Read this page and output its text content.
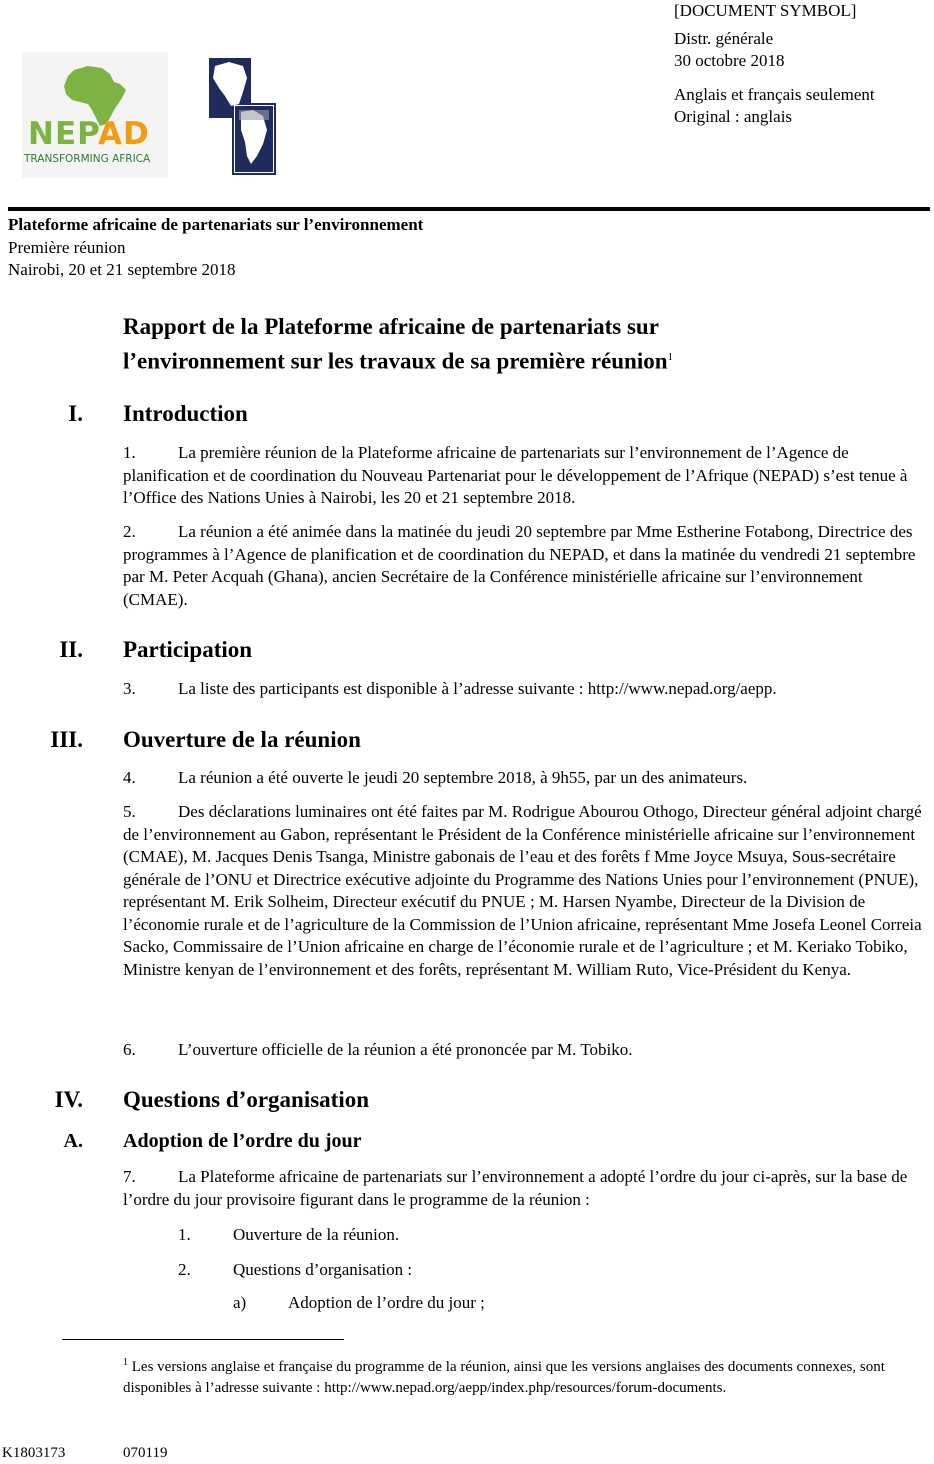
[DOCUMENT SYMBOL]
Distr. générale
30 octobre 2018
Anglais et français seulement
Original : anglais
NEPAD
TRANSFORMING AFRICA
Plateforme africaine de partenariats sur l’environnement
Première réunion
Nairobi, 20 et 21 septembre 2018
Rapport de la Plateforme africaine de partenariats sur
l’environnement sur les travaux de sa première réunion$^1$
I. Introduction
1. La première réunion de la Plateforme africaine de partenariats sur l’environnement de l’Agence de planification et de coordination du Nouveau Partenariat pour le développement de l’Afrique (NEPAD) s’est tenue à l’Office des Nations Unies à Nairobi, les 20 et 21 septembre 2018.
2. La réunion a été animée dans la matinée du jeudi 20 septembre par Mme Estherine Fotabong, Directrice des programmes à l’Agence de planification et de coordination du NEPAD, et dans la matinée du vendredi 21 septembre par M. Peter Acquah (Ghana), ancien Secrétaire de la Conférence ministérielle africaine sur l’environnement (CMAE).
II. Participation
3. La liste des participants est disponible à l’adresse suivante : http://www.nepad.org/aepp.
III. Ouverture de la réunion
4. La réunion a été ouverte le jeudi 20 septembre 2018, à 9h55, par un des animateurs.
5. Des déclarations luminaires ont été faites par M. Rodrigue Abourou Othogo, Directeur général adjoint chargé de l’environnement au Gabon, représentant le Président de la Conférence ministérielle africaine sur l’environnement (CMAE), M. Jacques Denis Tsanga, Ministre gabonais de l’eau et des forêts f Mme Joyce Msuya, Sous-secrétaire générale de l’ONU et Directrice exécutive adjointe du Programme des Nations Unies pour l’environnement (PNUE), représentant M. Erik Solheim, Directeur exécutif du PNUE ; M. Harsen Nyambe, Directeur de la Division de l’économie rurale et de l’agriculture de la Commission de l’Union africaine, représentant Mme Josefa Leonel Correia Sacko, Commissaire de l’Union africaine en charge de l’économie rurale et de l’agriculture ; et M. Keriako Tobiko, Ministre kenyan de l’environnement et des forêts, représentant M. William Ruto, Vice-Président du Kenya.
6. L’ouverture officielle de la réunion a été prononcée par M. Tobiko.
IV. Questions d’organisation
A. Adoption de l’ordre du jour
7. La Plateforme africaine de partenariats sur l’environnement a adopté l’ordre du jour ci-après, sur la base de l’ordre du jour provisoire figurant dans le programme de la réunion :
1. Ouverture de la réunion.
2. Questions d’organisation :
a) Adoption de l’ordre du jour ;
$^1$ Les versions anglaise et française du programme de la réunion, ainsi que les versions anglaises des documents connexes, sont disponibles à l’adresse suivante : http://www.nepad.org/aepp/index.php/resources/forum-documents.
K1803173	070119
